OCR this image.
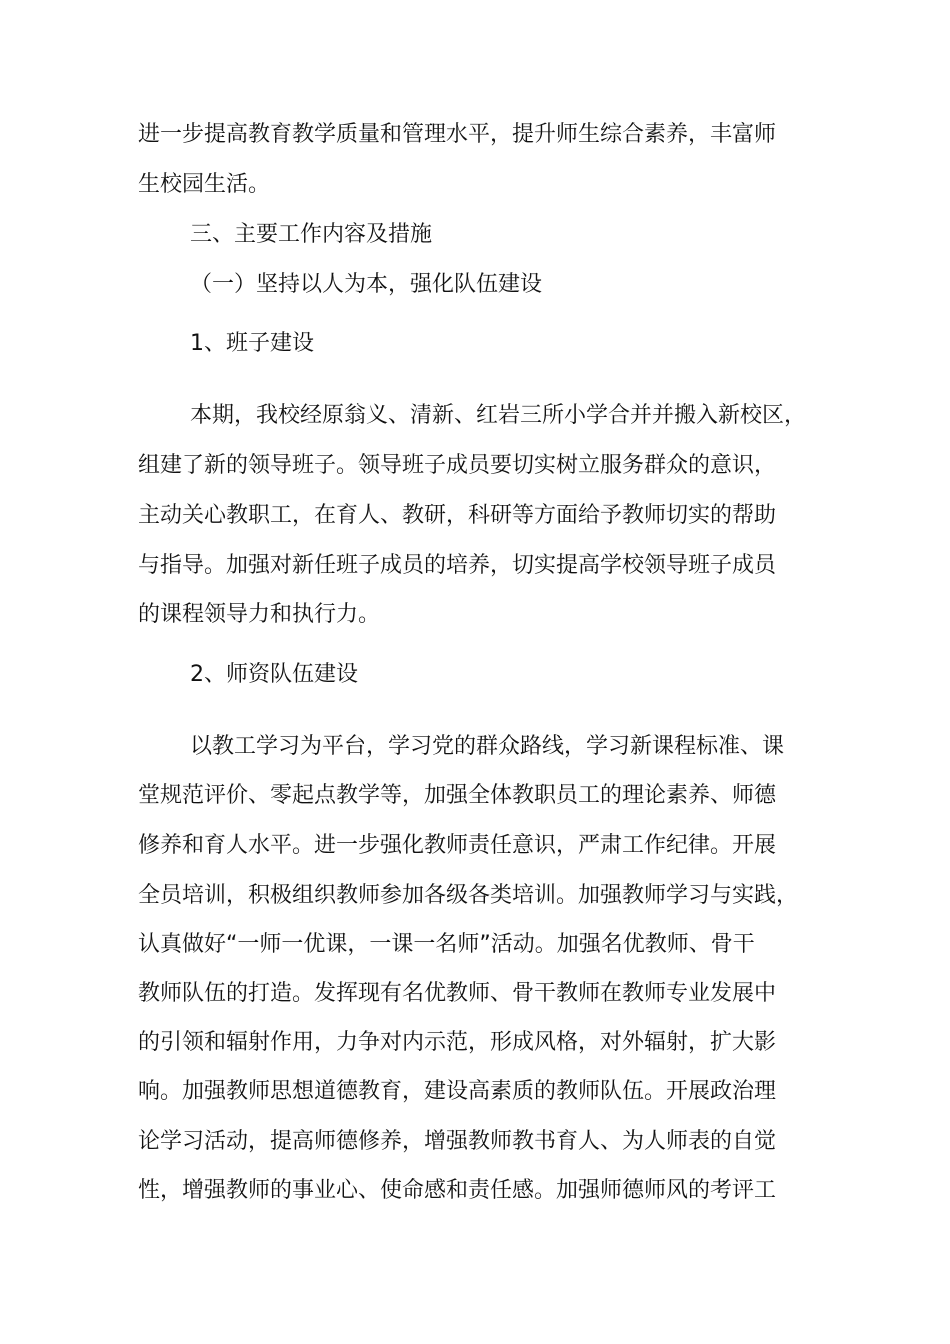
进一步提高教育教学质量和管理水平，提升师生综合素养，丰富师

生校园生活。

三、主要工作内容及措施

（一）坚持以人为本，强化队伍建设

1、班子建设

本期，我校经原翁义、清新、红岩三所小学合并并搬入新校区，

组建了新的领导班子。领导班子成员要切实树立服务群众的意识，

主动关心教职工，在育人、教研，科研等方面给予教师切实的帮助

与指导。加强对新任班子成员的培养，切实提高学校领导班子成员

的课程领导力和执行力。

2、师资队伍建设

以教工学习为平台，学习党的群众路线，学习新课程标准、课

堂规范评价、零起点教学等，加强全体教职员工的理论素养、师德

修养和育人水平。进一步强化教师责任意识，严肃工作纪律。开展

全员培训，积极组织教师参加各级各类培训。加强教师学习与实践，

认真做好“一师一优课，一课一名师”活动。加强名优教师、骨干

教师队伍的打造。发挥现有名优教师、骨干教师在教师专业发展中

的引领和辐射作用，力争对内示范，形成风格，对外辐射，扩大影

响。加强教师思想道德教育，建设高素质的教师队伍。开展政治理

论学习活动，提高师德修养，增强教师教书育人、为人师表的自觉

性，增强教师的事业心、使命感和责任感。加强师德师风的考评工
